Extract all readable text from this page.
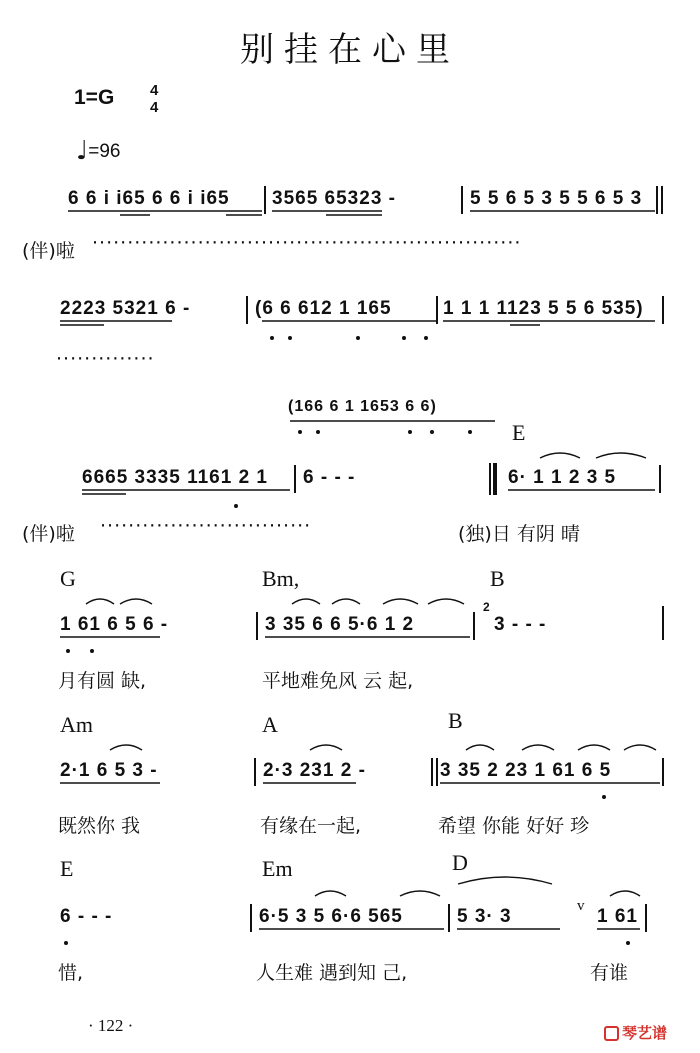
别挂在心里
1=G 4
4
♩=96
6 6 i i65 6 6 i i65 3565 65323 -	5 5 6 5 3 5 5 6 5 3
(伴)啦 ·····························································
2223 5321 6 -	(6 6 612 1 165	1 1 1 1123 5 5 6 535)
··············
(166 6 1 1653 6 6)
E
6665 3335 1161 2 1 6 - - -	6· 1 1 2 3 5
(伴)啦 ······························	(独)日 有阴 晴
G	Bm,	B
1 61 6 5 6 -	3 35 6 6 5·6 1 2
2
3 - - -
月有圆 缺,	平地难免风 云 起,
Am	A	B
2·1 6 5 3 -	2·3 231 2 -	3 35 2 23 1 61 6 5
既然你 我	有缘在一起,	希望 你能 好好 珍
E	Em	D
6 - - -	6·5 3 5 6·6 565	5 3· 3	v 1 61
惜,	人生难 遇到知 己,	有谁
· 122 ·	琴艺谱
